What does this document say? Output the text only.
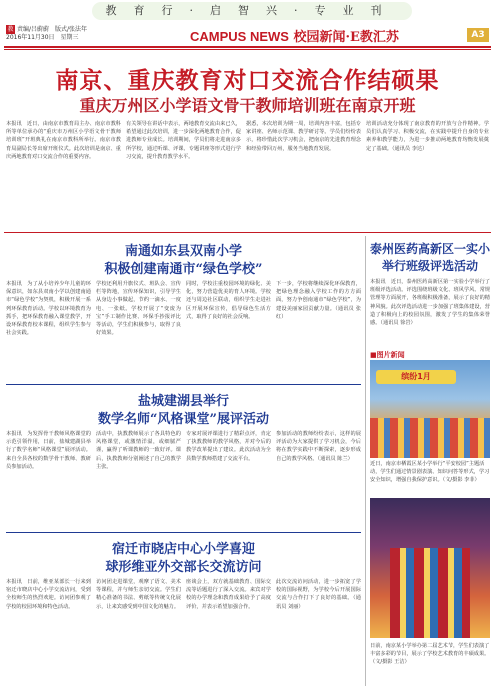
教育行·启智兴·专业刊
教 责编/吕蔚蔚　版式/张法年
2016年11月30日　星期三	CAMPUS NEWS 校园新闻·E教汇苏	A3
南京、重庆教育对口交流合作结硕果
重庆万州区小学语文骨干教师培训班在南京开班
本报讯　近日，由南京市教育局主办、南京市教科所等单位承办的“重庆市万州区小学语文骨干教师培训班”开班典礼在南京市教科所举行。南京市教育局副局长等出席开班仪式。此次培训是南京、重庆两地教育对口交流合作的重要内容。
有关领导在讲话中表示，两地教育交流由来已久，希望通过此次培训，进一步深化两地教育合作，促进教师专业成长。培训期间，学员们将走进南京多所学校，通过听课、评课、专题讲座等形式进行学习交流，提升教育教学水平。
据悉，本次培训为期一周，培训内容丰富，包括专家讲座、名师示范课、教学研讨等。学员们纷纷表示，将珍惜此次学习机会，把南京的先进教育理念和经验带回万州，服务当地教育发展。
培训活动充分体现了南京教育的开放与合作精神。学员们认真学习、积极交流，在实践中提升自身的专业素养和教学能力，为进一步推动两地教育均衡发展奠定了基础。（通讯员 李达）
南通如东县双南小学
积极创建南通市“绿色学校”
本报讯　为了从小培养少年儿童的环保意识，如东县双南小学以创建南通市“绿色学校”为契机，积极开展一系列环保教育活动。学校以环境教育为抓手，把环保教育融入课堂教学，开设环保教育校本课程，组织学生参与社会实践。
学校还利用升旗仪式、班队会、宣传栏等阵地，宣传环保知识，引导学生从身边小事做起，节约一滴水、一度电、一张纸。学校开展了“变废为宝”手工制作比赛、环保手抄报评比等活动，学生们积极参与，取得了良好效果。
同时，学校注重校园环境的绿化、美化，努力营造优美的育人环境。学校还与周边社区联动，组织学生走进社区开展环保宣传，倡导绿色生活方式，取得了良好的社会反响。
下一步，学校将继续深化环保教育，把绿色理念融入学校工作的方方面面，努力争创南通市“绿色学校”，为建设美丽家园贡献力量。（通讯员 张红）
泰州医药高新区一实小
举行班级评选活动
本报讯　近日，泰州医药高新区第一实验小学举行了班级评选活动。评选围绕班级文化、班风学风、常规管理等方面展开，各班级积极准备，展示了良好的精神风貌。此次评选活动进一步加强了班集体建设，营造了积极向上的校园氛围，激发了学生的集体荣誉感。（通讯员 徐岩）
■图片新闻
缤纷1月
近日，南京市栖霞区某小学举行“平安校园”主题活动，学生们通过情景剧表演、知识问答等形式，学习安全知识，增强自我保护意识。（文/摄影 李菲）
日前，南京某小学举办第二届艺术节，学生们表演了丰富多彩的节目，展示了学校艺术教育的丰硕成果。（文/摄影 王洁）
盐城建湖县举行
数学名师“风格课堂”展评活动
本报讯　为发挥骨干教师风格课堂的示范引领作用，日前，盐城建湖县举行了数学名师“风格课堂”展评活动。来自全县各校的数学骨干教师、教研员参加活动。
活动中，执教教师展示了各具特色的风格课堂，或激情洋溢，或细腻严谨，赢得了听课教师的一致好评。课后，执教教师分别阐述了自己的教学主张。
专家对展评课进行了精彩点评，肯定了执教教师的教学风格，并对今后的教学改革提出了建议。此次活动为全县数学教师搭建了交流平台。
参加活动的教师纷纷表示，这样的展评活动为大家提供了学习机会，今后将在教学实践中不断探索，逐步形成自己的教学风格。（通讯员 陈兰）
宿迁市晓店中心小学喜迎
球形维亚外交部长交流访问
本报讯　日前，维亚某部长一行来到宿迁市晓店中心小学交流访问，受到全校师生的热烈欢迎。访问团参观了学校的校园环境和特色活动。
访问团走进课堂，观摩了语文、美术等课程，并与师生亲切交流。学生们精心准备的书法、剪纸等传统文化展示，让来宾感受到中国文化的魅力。
座谈会上，双方就基础教育、国际交流等话题进行了深入交流。来宾对学校的办学理念和教育成果给予了高度评价，并表示希望加强合作。
此次交流访问活动，进一步拓宽了学校的国际视野，为学校今后开展国际交流与合作打下了良好的基础。（通讯员 刘丽）
